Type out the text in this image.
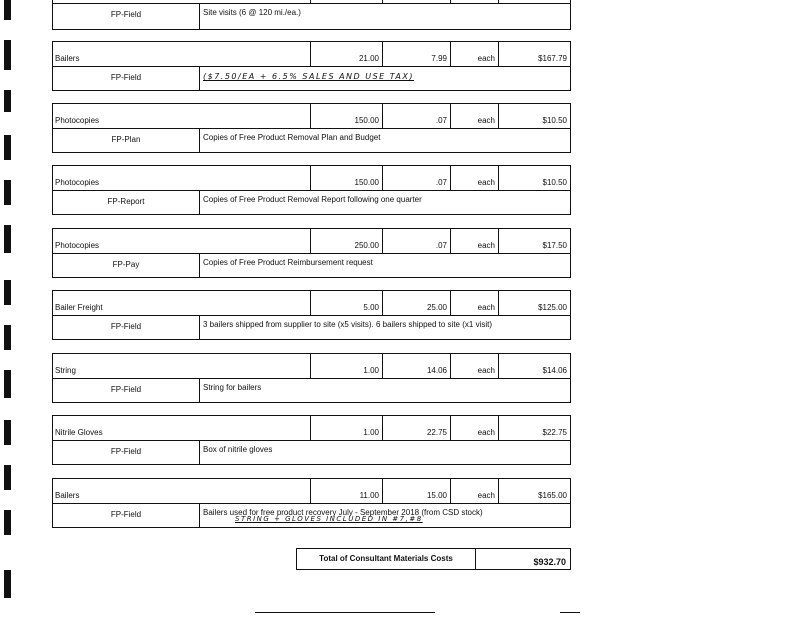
FP-Field	Site visits (6 @ 120 mi./ea.)
Bailers	21.00	7.99	each	$167.79
FP-Field	($7.50/EA + 6.5% SALES AND USE TAX)
Photocopies	150.00	.07	each	$10.50
FP-Plan	Copies of Free Product Removal Plan and Budget
Photocopies	150.00	.07	each	$10.50
FP-Report	Copies of Free Product Removal Report following one quarter
Photocopies	250.00	.07	each	$17.50
FP-Pay	Copies of Free Product Reimbursement request
Bailer Freight	5.00	25.00	each	$125.00
FP-Field	3 bailers shipped from supplier to site (x5 visits). 6 bailers shipped to site (x1 visit)
String	1.00	14.06	each	$14.06
FP-Field	String for bailers
Nitrile Gloves	1.00	22.75	each	$22.75
FP-Field	Box of nitrile gloves
Bailers	11.00	15.00	each	$165.00
FP-Field	Bailers used for free product recovery July - September 2018 (from CSD stock)
STRING + GLOVES INCLUDED IN #7,#8
Total of Consultant Materials Costs	$932.70
